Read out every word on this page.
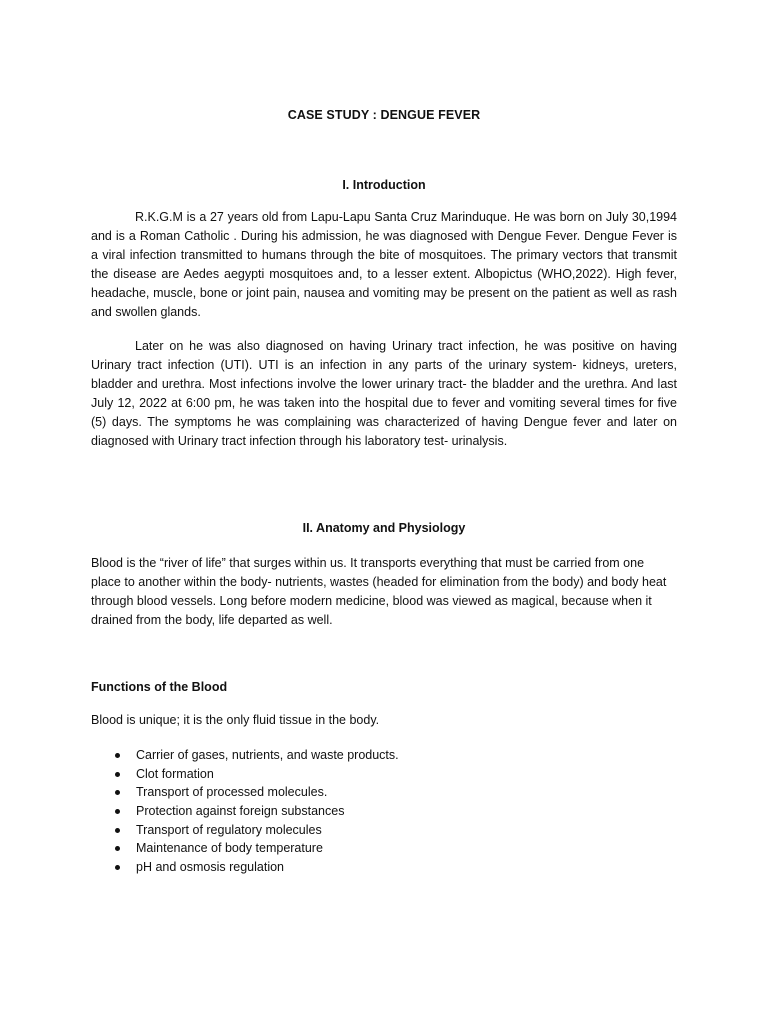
CASE STUDY : DENGUE FEVER
I. Introduction

R.K.G.M is a 27 years old from Lapu-Lapu Santa Cruz Marinduque. He was born on July 30,1994 and is a Roman Catholic . During his admission, he was diagnosed with Dengue Fever. Dengue Fever is a viral infection transmitted to humans through the bite of mosquitoes. The primary vectors that transmit the disease are Aedes aegypti mosquitoes and, to a lesser extent. Albopictus (WHO,2022). High fever, headache, muscle, bone or joint pain, nausea and vomiting may be present on the patient as well as rash and swollen glands.

Later on he was also diagnosed on having Urinary tract infection, he was positive on having Urinary tract infection (UTI). UTI is an infection in any parts of the urinary system- kidneys, ureters, bladder and urethra. Most infections involve the lower urinary tract- the bladder and the urethra. And last July 12, 2022 at 6:00 pm, he was taken into the hospital due to fever and vomiting several times for five (5) days. The symptoms he was complaining was characterized of having Dengue fever and later on diagnosed with Urinary tract infection through his laboratory test- urinalysis.

II. Anatomy and Physiology

Blood is the “river of life” that surges within us. It transports everything that must be carried from one place to another within the body- nutrients, wastes (headed for elimination from the body) and body heat through blood vessels. Long before modern medicine, blood was viewed as magical, because when it drained from the body, life departed as well.

Functions of the Blood

Blood is unique; it is the only fluid tissue in the body.

Carrier of gases, nutrients, and waste products.
Clot formation
Transport of processed molecules.
Protection against foreign substances
Transport of regulatory molecules
Maintenance of body temperature
pH and osmosis regulation
